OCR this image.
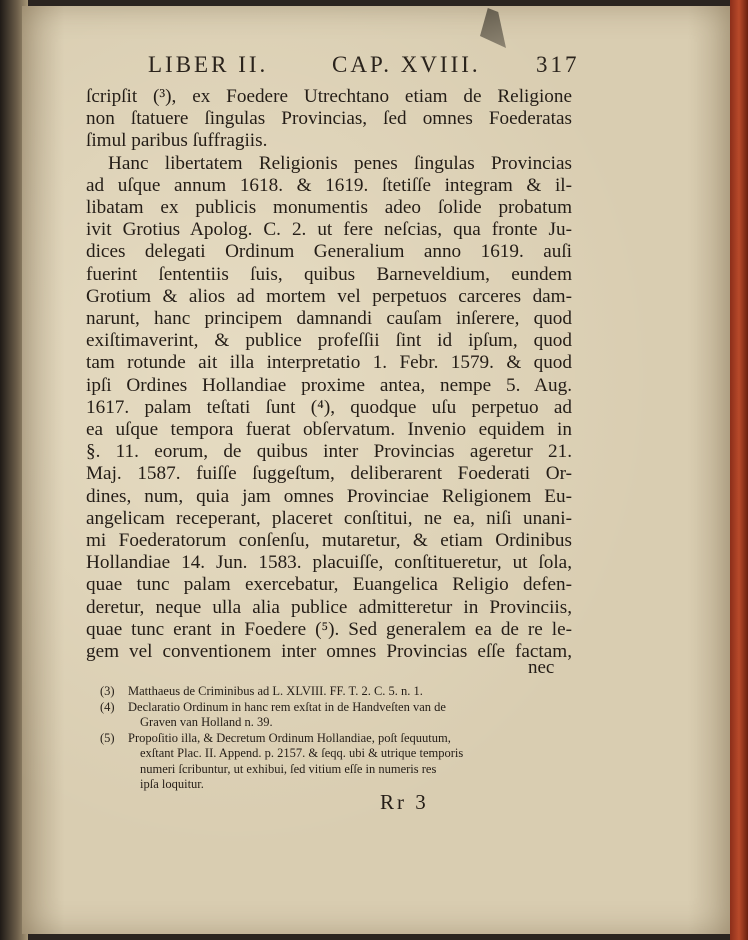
LIBER II.	CAP. XVIII. 317
ſcripſit (³), ex Foedere Utrechtano etiam de Religione
non ſtatuere ſingulas Provincias, ſed omnes Foederatas
ſimul paribus ſuffragiis.
Hanc libertatem Religionis penes ſingulas Provincias
ad uſque annum 1618. & 1619. ſtetiſſe integram & il-
libatam ex publicis monumentis adeo ſolide probatum
ivit Grotius Apolog. C. 2. ut fere neſcias, qua fronte Ju-
dices delegati Ordinum Generalium anno 1619. auſi
fuerint ſententiis ſuis, quibus Barneveldium, eundem
Grotium & alios ad mortem vel perpetuos carceres dam-
narunt, hanc principem damnandi cauſam inſerere, quod
exiſtimaverint, & publice profeſſii ſint id ipſum, quod
tam rotunde ait illa interpretatio 1. Febr. 1579. & quod
ipſi Ordines Hollandiae proxime antea, nempe 5. Aug.
1617. palam teſtati ſunt (⁴), quodque uſu perpetuo ad
ea uſque tempora fuerat obſervatum. Invenio equidem in
§. 11. eorum, de quibus inter Provincias ageretur 21.
Maj. 1587. fuiſſe ſuggeſtum, deliberarent Foederati Or-
dines, num, quia jam omnes Provinciae Religionem Eu-
angelicam receperant, placeret conſtitui, ne ea, niſi unani-
mi Foederatorum conſenſu, mutaretur, & etiam Ordinibus
Hollandiae 14. Jun. 1583. placuiſſe, conſtitueretur, ut ſola,
quae tunc palam exercebatur, Euangelica Religio defen-
deretur, neque ulla alia publice admitteretur in Provinciis,
quae tunc erant in Foedere (⁵). Sed generalem ea de re le-
gem vel conventionem inter omnes Provincias eſſe factam,
nec
(3) Matthaeus de Criminibus ad L. XLVIII. FF. T. 2. C. 5. n. 1.
(4) Declaratio Ordinum in hanc rem exſtat in de Handveſten van de
Graven van Holland n. 39.
(5) Propoſitio illa, & Decretum Ordinum Hollandiae, poſt ſequutum,
exſtant Plac. II. Append. p. 2157. & ſeqq. ubi & utrique temporis
numeri ſcribuntur, ut exhibui, ſed vitium eſſe in numeris res
ipſa loquitur.
Rr 3
